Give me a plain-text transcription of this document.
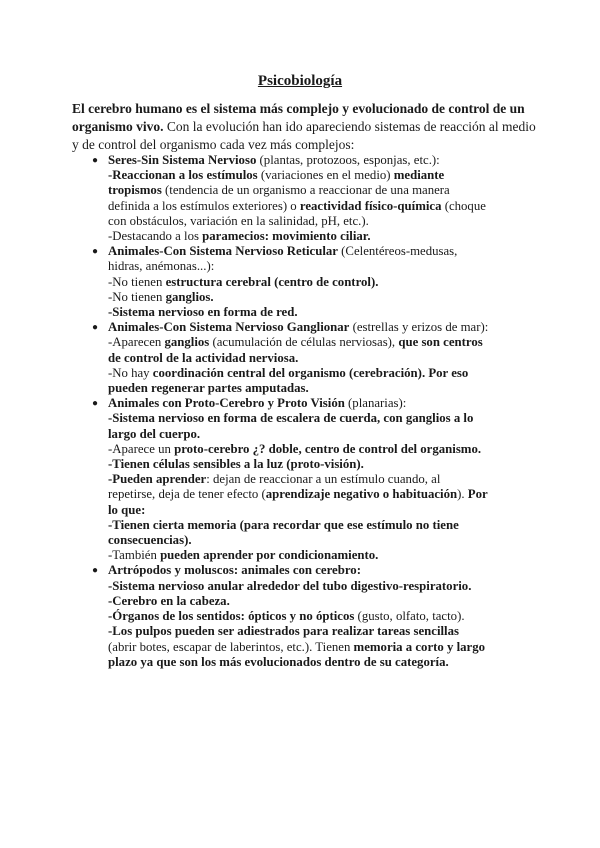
Psicobiología
El cerebro humano es el sistema más complejo y evolucionado de control de un organismo vivo. Con la evolución han ido apareciendo sistemas de reacción al medio y de control del organismo cada vez más complejos:
● Seres-Sin Sistema Nervioso (plantas, protozoos, esponjas, etc.):
-Reaccionan a los estímulos (variaciones en el medio) mediante
tropismos (tendencia de un organismo a reaccionar de una manera
definida a los estímulos exteriores) o reactividad físico-química (choque
con obstáculos, variación en la salinidad, pH, etc.).
-Destacando a los paramecios: movimiento ciliar.
● Animales-Con Sistema Nervioso Reticular (Celentéreos-medusas,
hidras, anémonas...):
-No tienen estructura cerebral (centro de control).
-No tienen ganglios.
-Sistema nervioso en forma de red.
● Animales-Con Sistema Nervioso Ganglionar (estrellas y erizos de mar):
-Aparecen ganglios (acumulación de células nerviosas), que son centros
de control de la actividad nerviosa.
-No hay coordinación central del organismo (cerebración). Por eso
pueden regenerar partes amputadas.
● Animales con Proto-Cerebro y Proto Visión (planarias):
-Sistema nervioso en forma de escalera de cuerda, con ganglios a lo
largo del cuerpo.
-Aparece un proto-cerebro ¿? doble, centro de control del organismo.
-Tienen células sensibles a la luz (proto-visión).
-Pueden aprender: dejan de reaccionar a un estímulo cuando, al
repetirse, deja de tener efecto (aprendizaje negativo o habituación). Por
lo que:
-Tienen cierta memoria (para recordar que ese estímulo no tiene
consecuencias).
-También pueden aprender por condicionamiento.
● Artrópodos y moluscos: animales con cerebro:
-Sistema nervioso anular alrededor del tubo digestivo-respiratorio.
-Cerebro en la cabeza.
-Órganos de los sentidos: ópticos y no ópticos (gusto, olfato, tacto).
-Los pulpos pueden ser adiestrados para realizar tareas sencillas
(abrir botes, escapar de laberintos, etc.). Tienen memoria a corto y largo
plazo ya que son los más evolucionados dentro de su categoría.
